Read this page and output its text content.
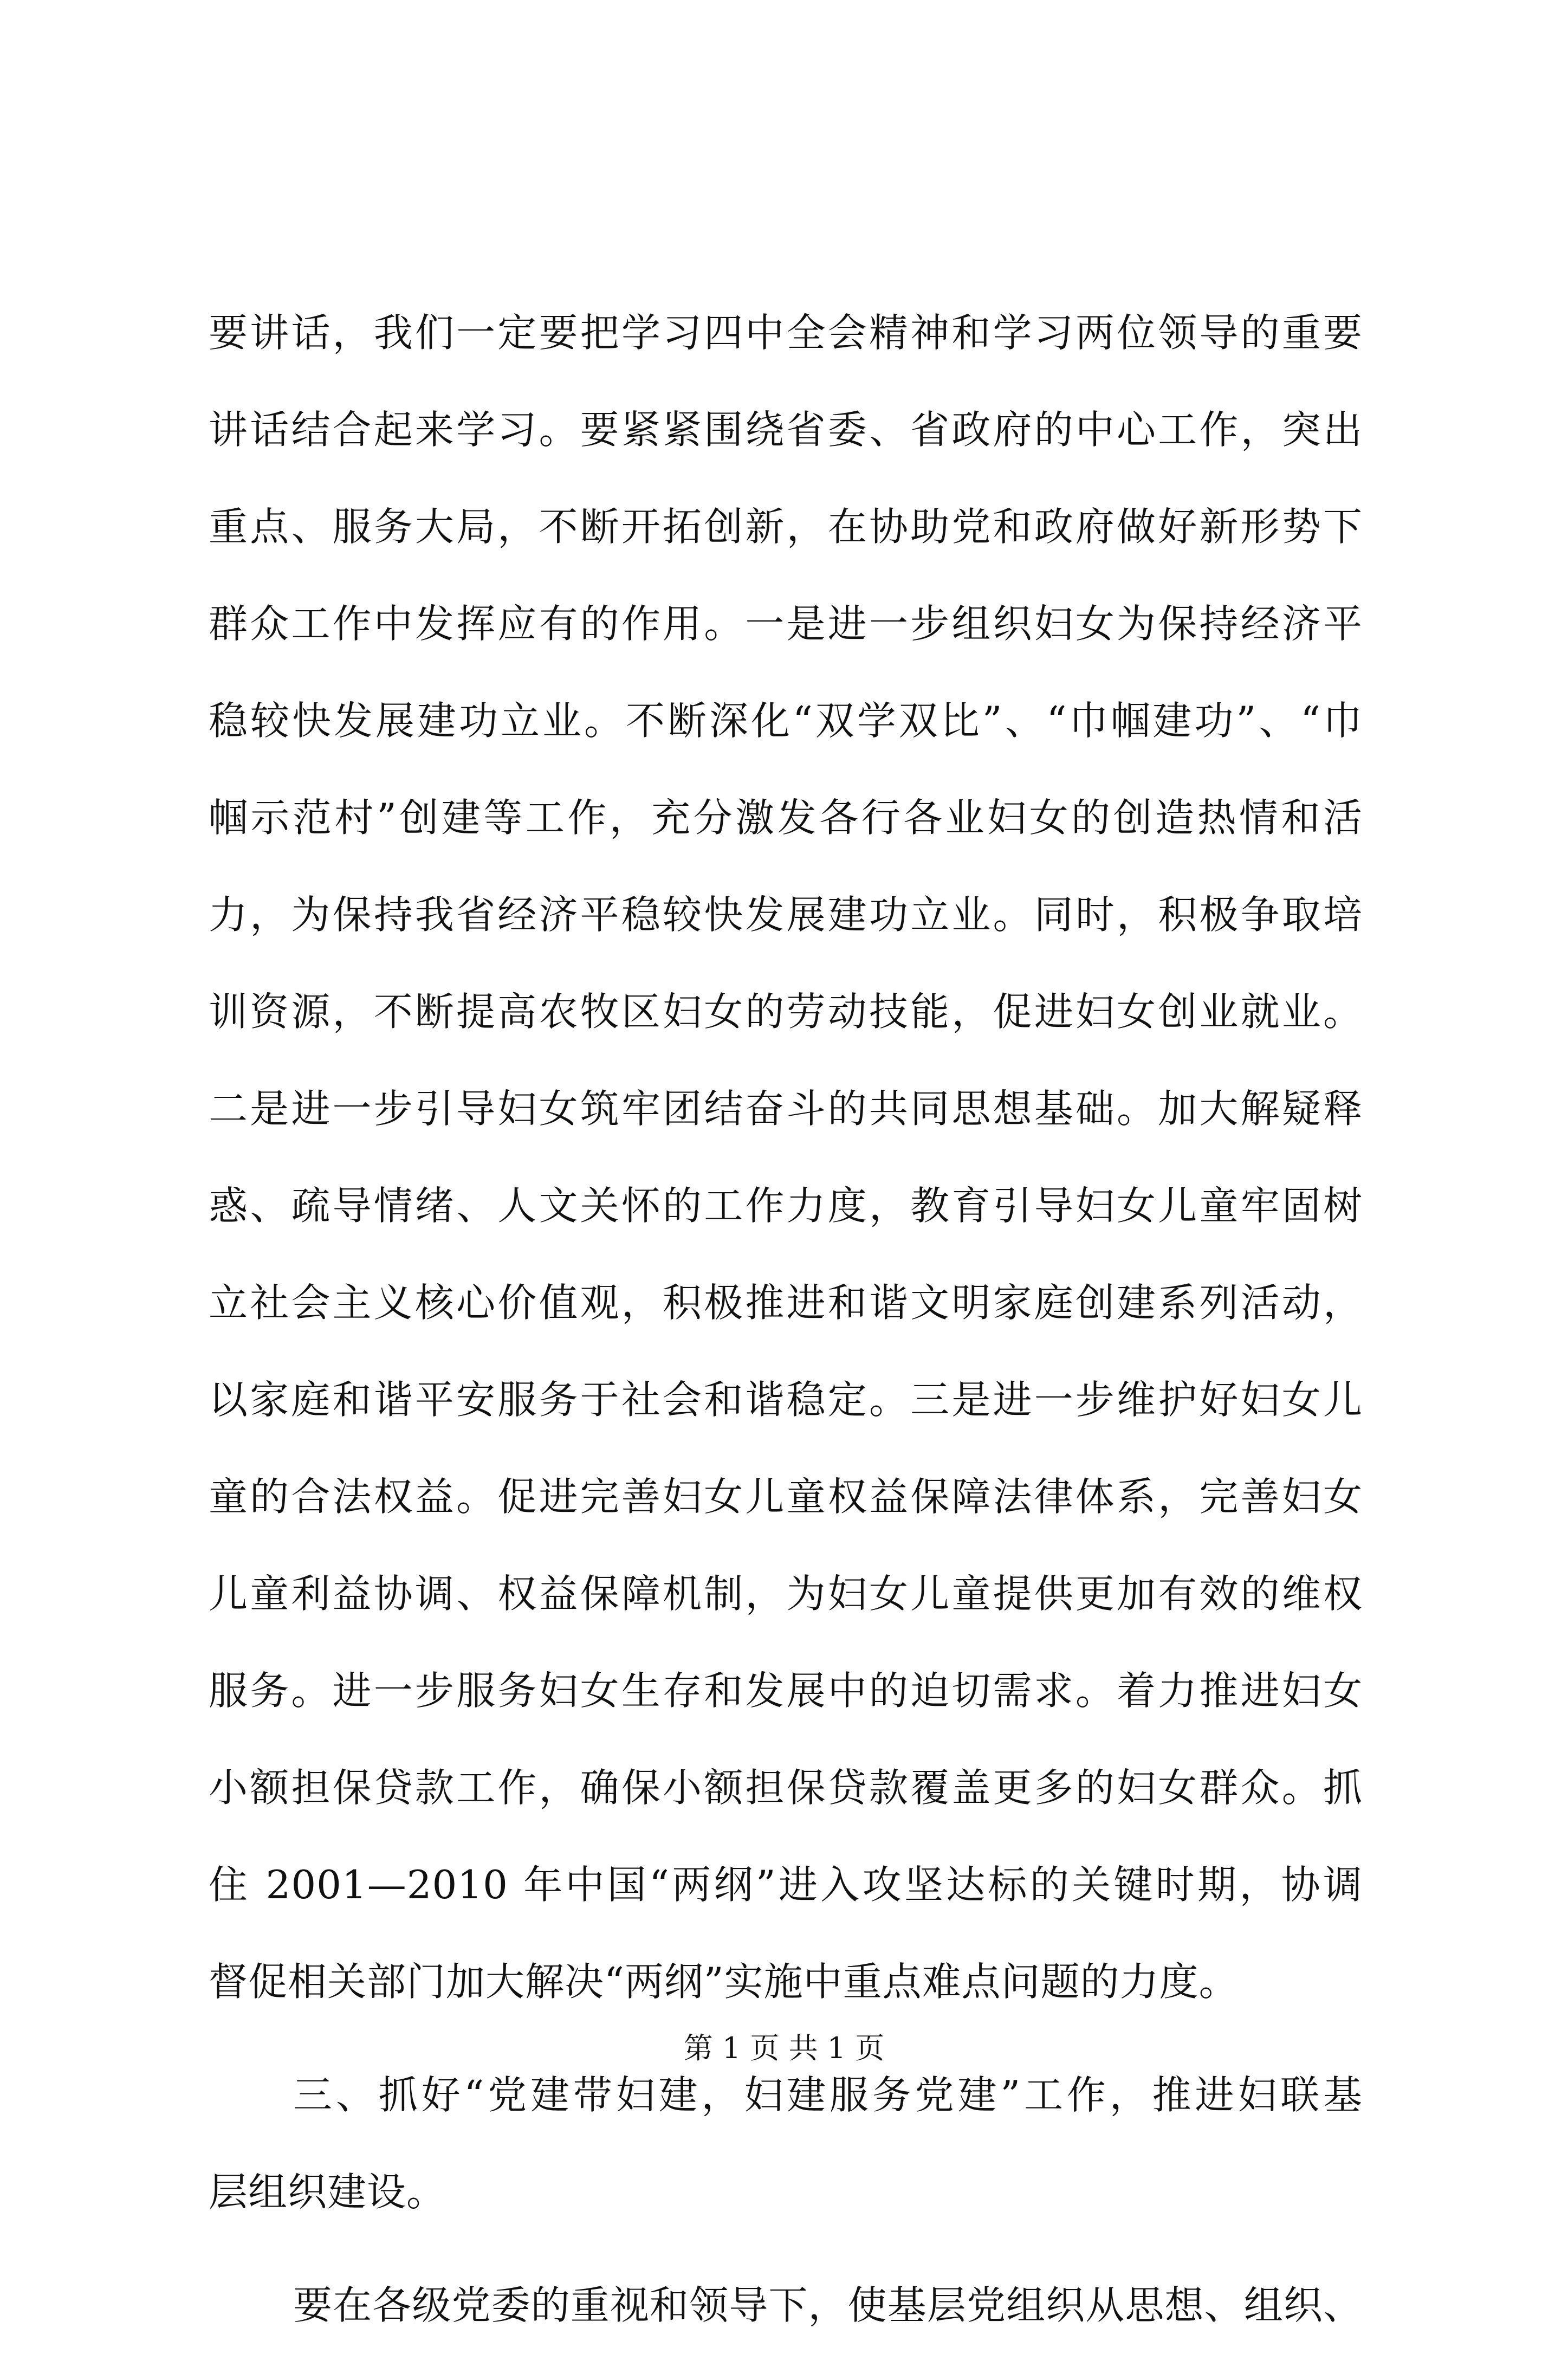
要讲话，我们一定要把学习四中全会精神和学习两位领导的重要
讲话结合起来学习。要紧紧围绕省委、省政府的中心工作，突出
重点、服务大局，不断开拓创新，在协助党和政府做好新形势下
群众工作中发挥应有的作用。一是进一步组织妇女为保持经济平
稳较快发展建功立业。不断深化“双学双比”、“巾帼建功”、“巾
帼示范村”创建等工作，充分激发各行各业妇女的创造热情和活
力，为保持我省经济平稳较快发展建功立业。同时，积极争取培
训资源，不断提高农牧区妇女的劳动技能，促进妇女创业就业。
二是进一步引导妇女筑牢团结奋斗的共同思想基础。加大解疑释
惑、疏导情绪、人文关怀的工作力度，教育引导妇女儿童牢固树
立社会主义核心价值观，积极推进和谐文明家庭创建系列活动，
以家庭和谐平安服务于社会和谐稳定。三是进一步维护好妇女儿
童的合法权益。促进完善妇女儿童权益保障法律体系，完善妇女
儿童利益协调、权益保障机制，为妇女儿童提供更加有效的维权
服务。进一步服务妇女生存和发展中的迫切需求。着力推进妇女
小额担保贷款工作，确保小额担保贷款覆盖更多的妇女群众。抓
住 2001—2010 年中国“两纲”进入攻坚达标的关键时期，协调
督促相关部门加大解决“两纲”实施中重点难点问题的力度。
三、抓好“党建带妇建，妇建服务党建”工作，推进妇联基
层组织建设。
要在各级党委的重视和领导下，使基层党组织从思想、组织、
第 1 页 共 1 页
